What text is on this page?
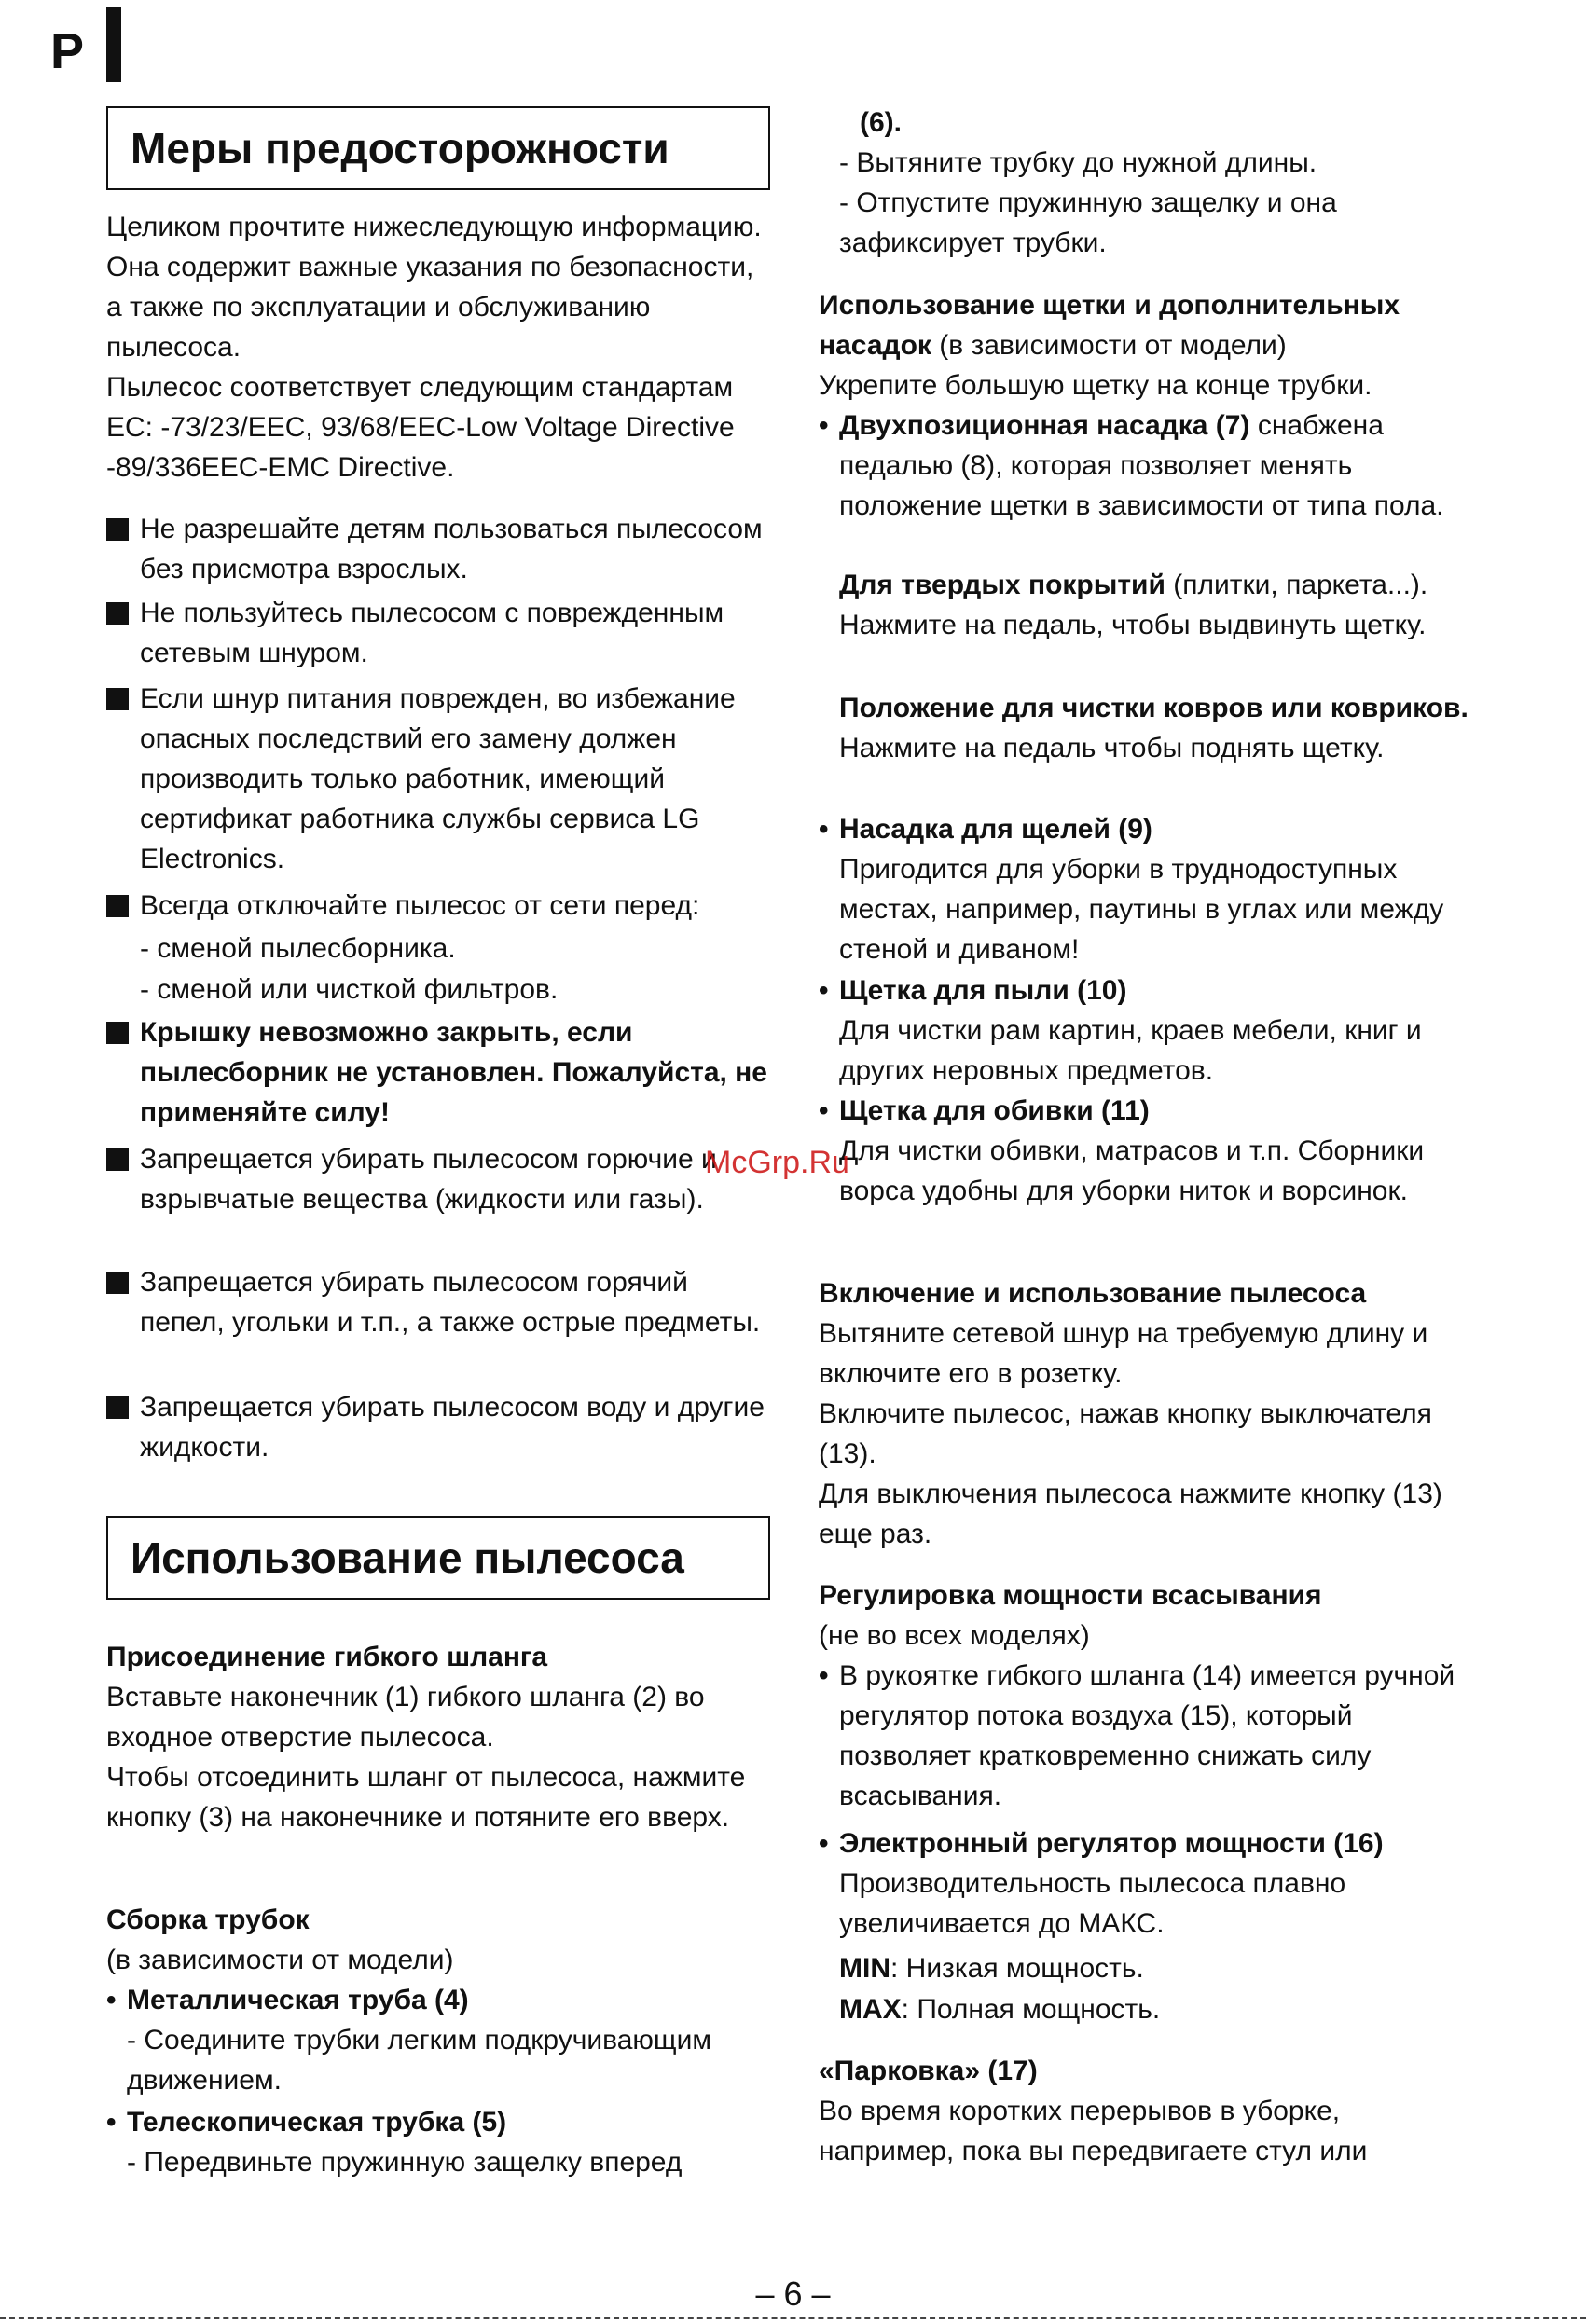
P
Меры предосторожности
Целиком прочтите нижеследующую информацию. Она содержит важные указания по безопасности, а также по эксплуатации и обслуживанию пылесоса.
Пылесос соответствует следующим стандартам ЕС: -73/23/EEC, 93/68/EEC-Low Voltage Directive -89/336EEC-EMC Directive.
Не разрешайте детям пользоваться пылесосом без присмотра взрослых.
Не пользуйтесь пылесосом с поврежденным сетевым шнуром.
Если шнур питания поврежден, во избежание опасных последствий его замену должен производить только работник, имеющий сертификат работника службы сервиса LG Electronics.
Всегда отключайте пылесос от сети перед:
- сменой пылесборника.
- сменой или чисткой фильтров.
Крышку невозможно закрыть, если пылесборник не установлен. Пожалуйста, не применяйте силу!
Запрещается убирать пылесосом горючие и взрывчатые вещества (жидкости или газы).
Запрещается убирать пылесосом горячий пепел, угольки и т.п., а также острые предметы.
Запрещается убирать пылесосом воду и другие жидкости.
Использование пылесоса
Присоединение гибкого шланга
Вставьте наконечник (1) гибкого шланга (2) во входное отверстие пылесоса.
Чтобы отсоединить шланг от пылесоса, нажмите кнопку (3) на наконечнике и потяните его вверх.
Сборка трубок
(в зависимости от модели)
• Металлическая труба (4)
- Соедините трубки легким подкручивающим движением.
• Телескопическая трубка (5)
- Передвиньте пружинную защелку вперед
(6).
- Вытяните трубку до нужной длины.
- Отпустите пружинную защелку и она зафиксирует трубки.
Использование щетки и дополнительных насадок (в зависимости от модели)
Укрепите большую щетку на конце трубки.
• Двухпозиционная насадка (7) снабжена педалью (8), которая позволяет менять положение щетки в зависимости от типа пола.
Для твердых покрытий (плитки, паркета...). Нажмите на педаль, чтобы выдвинуть щетку.
Положение для чистки ковров или ковриков. Нажмите на педаль чтобы поднять щетку.
• Насадка для щелей (9)
Пригодится для уборки в труднодоступных местах, например, паутины в углах или между стеной и диваном!
• Щетка для пыли (10)
Для чистки рам картин, краев мебели, книг и других неровных предметов.
• Щетка для обивки (11)
Для чистки обивки, матрасов и т.п. Сборники ворса удобны для уборки ниток и ворсинок.
Включение и использование пылесоса
Вытяните сетевой шнур на требуемую длину и включите его в розетку.
Включите пылесос, нажав кнопку выключателя (13).
Для выключения пылесоса нажмите кнопку (13) еще раз.
Регулировка мощности всасывания
(не во всех моделях)
• В рукоятке гибкого шланга (14) имеется ручной регулятор потока воздуха (15), который позволяет кратковременно снижать силу всасывания.
• Электронный регулятор мощности (16)
Производительность пылесоса плавно увеличивается до МАКС.
MIN: Низкая мощность.
MAX: Полная мощность.
«Парковка» (17)
Во время коротких перерывов в уборке, например, пока вы передвигаете стул или
McGrp.Ru
– 6 –
